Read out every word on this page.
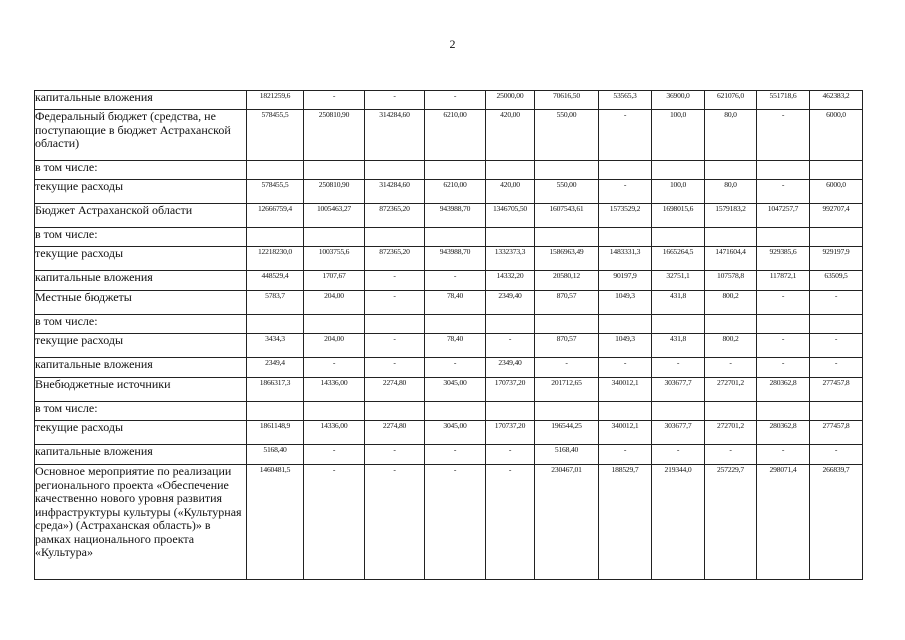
2
капитальные вложения	1821259,6	-	-	-	25000,00	70616,50	53565,3	36900,0	621076,0	551718,6	462383,2
Федеральный бюджет (средства, не поступающие в бюджет Астраханской области)	578455,5	250810,90	314284,60	6210,00	420,00	550,00	-	100,0	80,0	-	6000,0
в том числе:											
текущие расходы	578455,5	250810,90	314284,60	6210,00	420,00	550,00	-	100,0	80,0	-	6000,0
Бюджет Астраханской области	12666759,4	1005463,27	872365,20	943988,70	1346705,50	1607543,61	1573529,2	1698015,6	1579183,2	1047257,7	992707,4
в том числе:											
текущие расходы	12218230,0	1003755,6	872365,20	943988,70	1332373,3	1586963,49	1483331,3	1665264,5	1471604,4	929385,6	929197,9
капитальные вложения	448529,4	1707,67	-	-	14332,20	20580,12	90197,9	32751,1	107578,8	117872,1	63509,5
Местные бюджеты	5783,7	204,00	-	78,40	2349,40	870,57	1049,3	431,8	800,2	-	-
в том числе:											
текущие расходы	3434,3	204,00	-	78,40	-	870,57	1049,3	431,8	800,2	-	-
капитальные вложения	2349,4	-	-	-	2349,40	-	-	-	-	-	-
Внебюджетные источники	1866317,3	14336,00	2274,80	3045,00	170737,20	201712,65	340012,1	303677,7	272701,2	280362,8	277457,8
в том числе:											
текущие расходы	1861148,9	14336,00	2274,80	3045,00	170737,20	196544,25	340012,1	303677,7	272701,2	280362,8	277457,8
капитальные вложения	5168,40	-	-	-	-	5168,40	-	-	-	-	-
Основное мероприятие по реализации регионального проекта «Обеспечение качественно нового уровня развития инфраструктуры культуры («Культурная среда») (Астраханская область)» в рамках национального проекта «Культура»	1460481,5	-	-	-	-	230467,01	188529,7	219344,0	257229,7	298071,4	266839,7
